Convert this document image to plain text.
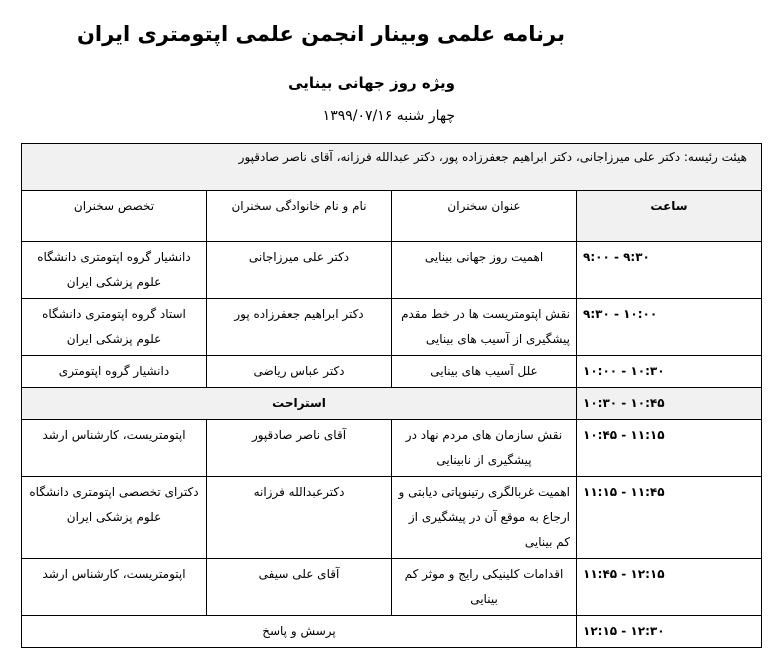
برنامه علمی وبینار انجمن علمی اپتومتری ایران
ویژه روز جهانی بینایی
چهار شنبه ۱۳۹۹/۰۷/۱۶
هیئت رئیسه: دکتر علی میرزاجانی، دکتر ابراهیم جعفرزاده پور، دکتر عبدالله فرزانه، آقای ناصر صادقپور			
ساعت	عنوان سخنران	نام و نام خانوادگی سخنران	تخصص سخنران
۹:۰۰ - ۹:۳۰	اهمیت روز جهانی بینایی	دکتر علی میرزاجانی	دانشیار گروه اپتومتری دانشگاه علوم پزشکی ایران
۹:۳۰ - ۱۰:۰۰	نقش اپتومتریست ها در خط مقدم پیشگیری از آسیب های بینایی	دکتر ابراهیم جعفرزاده پور	استاد گروه اپتومتری دانشگاه علوم پزشکی ایران
۱۰:۰۰ - ۱۰:۳۰	علل آسیب های بینایی	دکتر عباس ریاضی	دانشیار گروه اپتومتری
۱۰:۳۰ - ۱۰:۴۵	استراحت		
۱۰:۴۵ - ۱۱:۱۵	نقش سازمان های مردم نهاد در پیشگیری از نابینایی	آقای ناصر صادقپور	اپتومتریست، کارشناس ارشد
۱۱:۱۵ - ۱۱:۴۵	اهمیت غربالگری رتینوپاتی دیابتی و ارجاع به موقع آن در پیشگیری از کم بینایی	دکترعبدالله فرزانه	دکترای تخصصی اپتومتری دانشگاه علوم پزشکی ایران
۱۱:۴۵ - ۱۲:۱۵	اقدامات کلینیکی رایج و موثر کم بینایی	آقای علی سیفی	اپتومتریست، کارشناس ارشد
۱۲:۱۵ - ۱۲:۳۰	پرسش و پاسخ		
